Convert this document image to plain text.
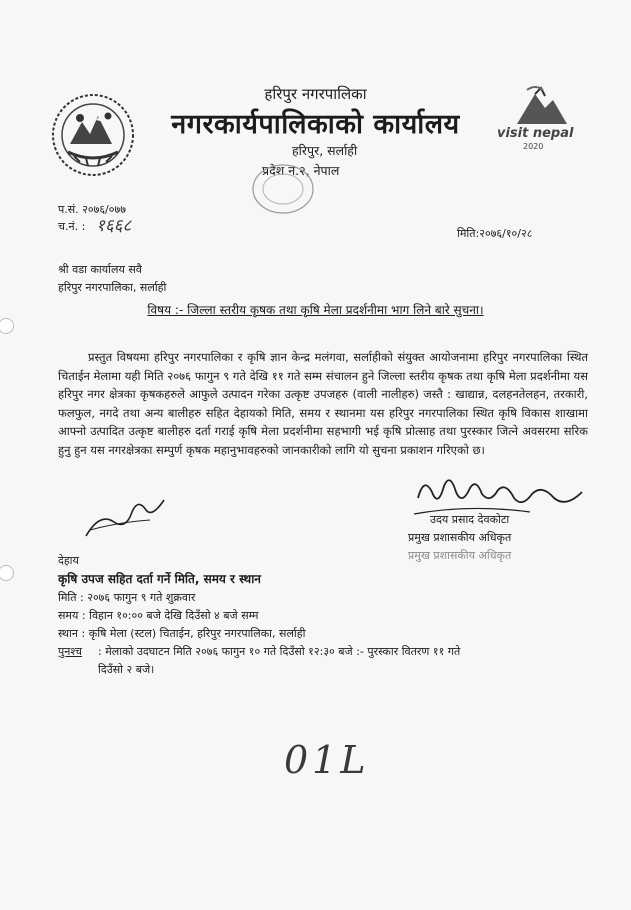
visit nepal
2020
हरिपुर नगरपालिका
नगरकार्यपालिकाको कार्यालय
हरिपुर, सर्लाही
प्रदेश न.२, नेपाल
प.सं. २०७६/०७७
च.नं. : १६६८	मिति:२०७६/१०/२८
श्री वडा कार्यालय सवै
हरिपुर नगरपालिका, सर्लाही
विषय :- जिल्ला स्तरीय कृषक तथा कृषि मेला प्रदर्शनीमा भाग लिने बारे सुचना।
प्रस्तुत विषयमा हरिपुर नगरपालिका र कृषि ज्ञान केन्द्र मलंगवा, सर्लाहीको संयुक्त आयोजनामा हरिपुर नगरपालिका स्थित चिताईन मेलामा यही मिति २०७६ फागुन ९ गते देखि ११ गते सम्म संचालन हुने जिल्ला स्तरीय कृषक तथा कृषि मेला प्रदर्शनीमा यस हरिपुर नगर क्षेत्रका कृषकहरुले आफुले उत्पादन गरेका उत्कृष्ट उपजहरु (वाली नालीहरु) जस्तै : खाद्यान्न, दलहनतेलहन, तरकारी, फलफुल, नगदे तथा अन्य बालीहरु सहित देहायको मिति, समय र स्थानमा यस हरिपुर नगरपालिका स्थित कृषि विकास शाखामा आफ्नो उत्पादित उत्कृष्ट बालीहरु दर्ता गराई कृषि मेला प्रदर्शनीमा सहभागी भई कृषि प्रोत्साह तथा पुरस्कार जित्ने अवसरमा सरिक हुनु हुन यस नगरक्षेत्रका सम्पुर्ण कृषक महानुभावहरुको जानकारीको लागि यो सुचना प्रकाशन गरिएको छ।
उदय प्रसाद देवकोटा
प्रमुख प्रशासकीय अधिकृत
प्रमुख प्रशासकीय अधिकृत
देहाय
कृषि उपज सहित दर्ता गर्ने मिति, समय र स्थान
मिति : २०७६ फागुन ९ गते शुक्रवार
समय : विहान १०:०० बजे देखि दिउँसो ४ बजे सम्म
स्थान : कृषि मेला (स्टल) चिताईन, हरिपुर नगरपालिका, सर्लाही
पुनश्च : मेलाको उदघाटन मिति २०७६ फागुन १० गते दिउँसो १२:३० बजे :- पुरस्कार वितरण ११ गते
दिउँसो २ बजे।
01L
